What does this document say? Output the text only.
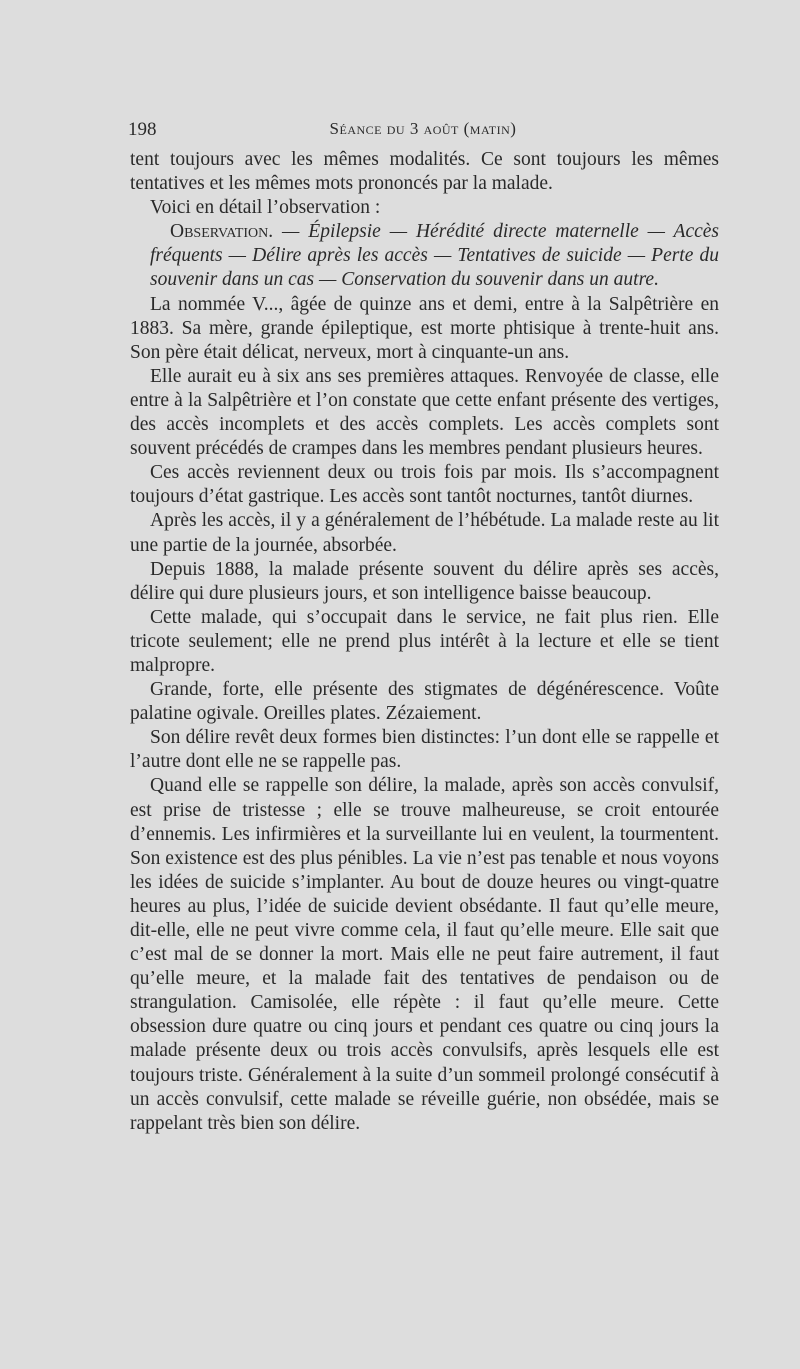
198	Séance du 3 août (matin)

tent toujours avec les mêmes modalités. Ce sont toujours les mêmes tentatives et les mêmes mots prononcés par la malade.

Voici en détail l’observation :

Observation. — Épilepsie — Hérédité directe maternelle — Accès fréquents — Délire après les accès — Tentatives de suicide — Perte du souvenir dans un cas — Conservation du souvenir dans un autre.

La nommée V..., âgée de quinze ans et demi, entre à la Salpêtrière en 1883. Sa mère, grande épileptique, est morte phtisique à trente-huit ans. Son père était délicat, nerveux, mort à cinquante-un ans.

Elle aurait eu à six ans ses premières attaques. Renvoyée de classe, elle entre à la Salpêtrière et l’on constate que cette enfant présente des vertiges, des accès incomplets et des accès complets. Les accès complets sont souvent précédés de crampes dans les membres pendant plusieurs heures.

Ces accès reviennent deux ou trois fois par mois. Ils s’accompagnent toujours d’état gastrique. Les accès sont tantôt nocturnes, tantôt diurnes.

Après les accès, il y a généralement de l’hébétude. La malade reste au lit une partie de la journée, absorbée.

Depuis 1888, la malade présente souvent du délire après ses accès, délire qui dure plusieurs jours, et son intelligence baisse beaucoup.

Cette malade, qui s’occupait dans le service, ne fait plus rien. Elle tricote seulement; elle ne prend plus intérêt à la lecture et elle se tient malpropre.

Grande, forte, elle présente des stigmates de dégénérescence. Voûte palatine ogivale. Oreilles plates. Zézaiement.

Son délire revêt deux formes bien distinctes: l’un dont elle se rappelle et l’autre dont elle ne se rappelle pas.

Quand elle se rappelle son délire, la malade, après son accès convulsif, est prise de tristesse ; elle se trouve malheureuse, se croit entourée d’ennemis. Les infirmières et la surveillante lui en veulent, la tourmentent. Son existence est des plus pénibles. La vie n’est pas tenable et nous voyons les idées de suicide s’implanter. Au bout de douze heures ou vingt-quatre heures au plus, l’idée de suicide devient obsédante. Il faut qu’elle meure, dit-elle, elle ne peut vivre comme cela, il faut qu’elle meure. Elle sait que c’est mal de se donner la mort. Mais elle ne peut faire autrement, il faut qu’elle meure, et la malade fait des tentatives de pendaison ou de strangulation. Camisolée, elle répète : il faut qu’elle meure. Cette obsession dure quatre ou cinq jours et pendant ces quatre ou cinq jours la malade présente deux ou trois accès convulsifs, après lesquels elle est toujours triste. Généralement à la suite d’un sommeil prolongé consécutif à un accès convulsif, cette malade se réveille guérie, non obsédée, mais se rappelant très bien son délire.
